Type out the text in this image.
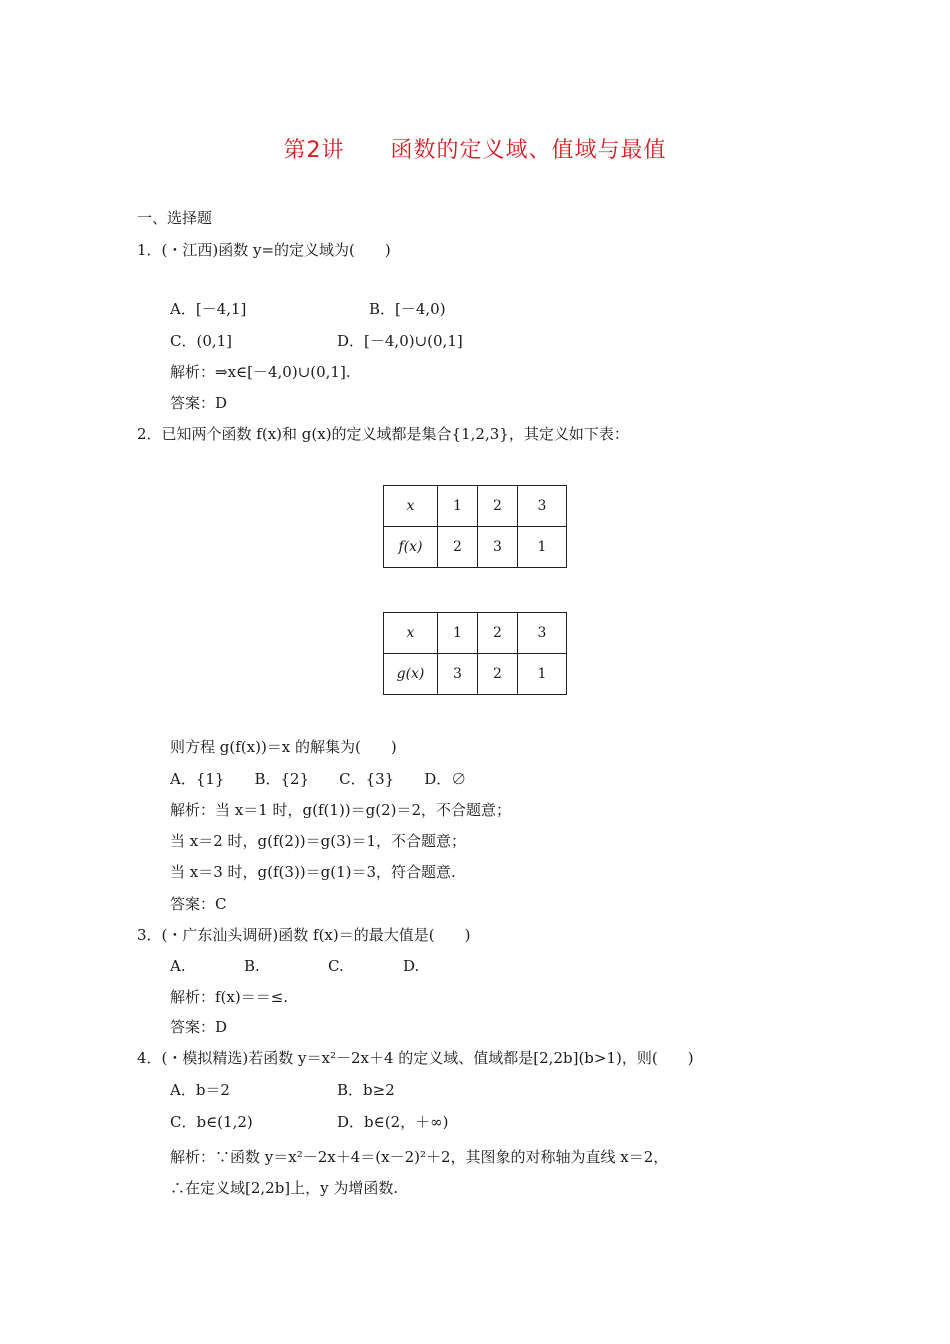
第2讲　　函数的定义域、值域与最值
一、选择题
1．(・江西)函数 y=的定义域为(　　)
A．[－4,1]	B．[－4,0)
C．(0,1]	D．[－4,0)∪(0,1]
解析：⇒x∈[－4,0)∪(0,1].
答案：D
2．已知两个函数 f(x)和 g(x)的定义域都是集合{1,2,3}，其定义如下表：
x	1	2	3
f(x)	2	3	1
x	1	2	3
g(x)	3	2	1
则方程 g(f(x))＝x 的解集为(　　)
A．{1}　　B．{2}　　C．{3}　　D．∅
解析：当 x＝1 时，g(f(1))＝g(2)＝2，不合题意；
当 x＝2 时，g(f(2))＝g(3)＝1，不合题意；
当 x＝3 时，g(f(3))＝g(1)＝3，符合题意.
答案：C
3．(・广东汕头调研)函数 f(x)＝的最大值是(　　)
A.	B.	C.	D.
解析：f(x)＝＝≤.
答案：D
4．(・模拟精选)若函数 y＝x²－2x＋4 的定义域、值域都是[2,2b](b>1)，则(　　)
A．b＝2	B．b≥2
C．b∈(1,2)	D．b∈(2，＋∞)
解析：∵函数 y＝x²－2x＋4＝(x－2)²＋2，其图象的对称轴为直线 x＝2，
∴在定义域[2,2b]上，y 为增函数.
